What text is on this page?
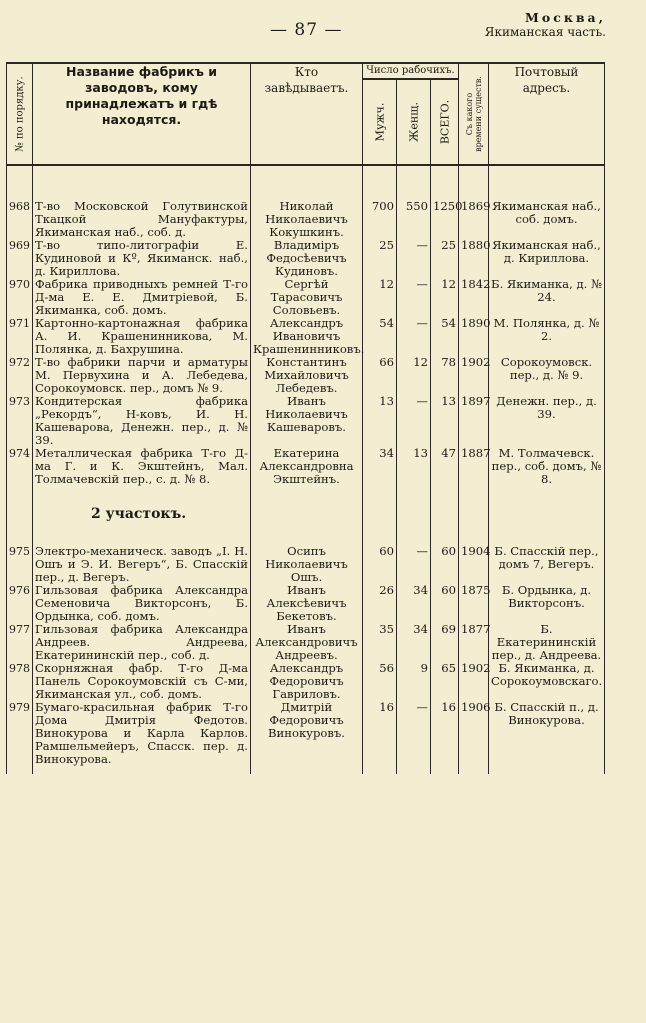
— 87 —
Москва,
Якиманская часть.
№ по порядку.	Название фабрикъ и заводовъ, кому принадлежатъ и гдѣ находятся.	Кто завѣдываетъ.	Число рабочихъ.			Съ какого времени существ.	Почтовый адресъ.

			Мужч.	Женщ.	ВСЕГО.		

968	Т-во Московской Голутвинской Ткацкой Мануфактуры, Якиманская наб., соб. д.	Николай Николаевичъ Кокушкинъ.	700	550	1250	1869	Якиманская наб., соб. домъ.
969	Т-во типо-литографіи Е. Кудиновой и Кº, Якиманск. наб., д. Кириллова.	Владиміръ Федосѣевичъ Кудиновъ.	25	—	25	1880	Якиманская наб., д. Кириллова.
970	Фабрика приводныхъ ремней Т-го Д-ма Е. Е. Дмитріевой, Б. Якиманка, соб. домъ.	Сергѣй Тарасовичъ Соловьевъ.	12	—	12	1842	Б. Якиманка, д. № 24.
971	Картонно-картонажная фабрика А. И. Крашенинникова, М. Полянка, д. Бахрушина.	Александръ Ивановичъ Крашенинниковъ.	54	—	54	1890	М. Полянка, д. № 2.
972	Т-во фабрики парчи и арматуры М. Первухина и А. Лебедева, Сорокоумовск. пер., домъ № 9.	Константинъ Михайловичъ Лебедевъ.	66	12	78	1902	Сорокоумовск. пер., д. № 9.
973	Кондитерская фабрика „Рекордъ“, Н-ковъ, И. Н. Кашеварова, Денежн. пер., д. № 39.	Иванъ Николаевичъ Кашеваровъ.	13	—	13	1897	Денежн. пер., д. 39.
974	Металлическая фабрика Т-го Д-ма Г. и К. Экштейнъ, Мал. Толмачевскій пер., с. д. № 8.	Екатерина Александровна Экштейнъ.	34	13	47	1887	М. Толмачевск. пер., соб. домъ, № 8.
	2 участокъ.						
975	Электро-механическ. заводъ „І. Н. Ошъ и Э. И. Вегеръ“, Б. Спасскій пер., д. Вегеръ.	Осипъ Николаевичъ Ошъ.	60	—	60	1904	Б. Спасскій пер., домъ 7, Вегеръ.
976	Гильзовая фабрика Александра Семеновича Викторсонъ, Б. Ордынка, соб. домъ.	Иванъ Алексѣевичъ Бекетовъ.	26	34	60	1875	Б. Ордынка, д. Викторсонъ.
977	Гильзовая фабрика Александра Андреев. Андреева, Екатерининскій пер., соб. д.	Иванъ Александровичъ Андреевъ.	35	34	69	1877	Б. Екатерининскій пер., д. Андреева.
978	Скорняжная фабр. Т-го Д-ма Панель Сорокоумовскій съ С-ми, Якиманская ул., соб. домъ.	Александръ Федоровичъ Гавриловъ.	56	9	65	1902	Б. Якиманка, д. Сорокоумовскаго.
979	Бумаго-красильная фабрик Т-го Дома Дмитрія Федотов. Винокурова и Карла Карлов. Рамшельмейеръ, Спасск. пер. д. Винокурова.	Дмитрій Федоровичъ Винокуровъ.	16	—	16	1906	Б. Спасскій п., д. Винокурова.
